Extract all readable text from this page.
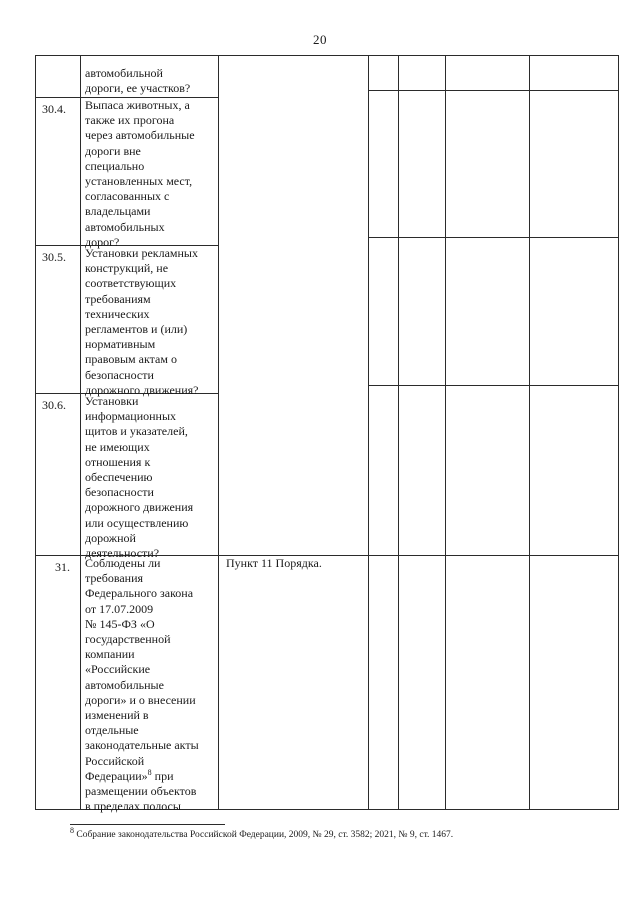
20
автомобильной
дороги, ее участков?
30.4. Выпаса животных, а
также их прогона
через автомобильные
дороги вне
специально
установленных мест,
согласованных с
владельцами
автомобильных
дорог?
30.5. Установки рекламных
конструкций, не
соответствующих
требованиям
технических
регламентов и (или)
нормативным
правовым актам о
безопасности
дорожного движения?
30.6. Установки
информационных
щитов и указателей,
не имеющих
отношения к
обеспечению
безопасности
дорожного движения
или осуществлению
дорожной
деятельности?
31. Соблюдены ли
требования
Федерального закона
от 17.07.2009
№ 145-ФЗ «О
государственной
компании
«Российские
автомобильные
дороги» и о внесении
изменений в
отдельные
законодательные акты
Российской
Федерации»$^8$ при
размещении объектов
в пределах полосы
Пункт 11 Порядка.
$^8$ Собрание законодательства Российской Федерации, 2009, № 29, ст. 3582; 2021, № 9, ст. 1467.
